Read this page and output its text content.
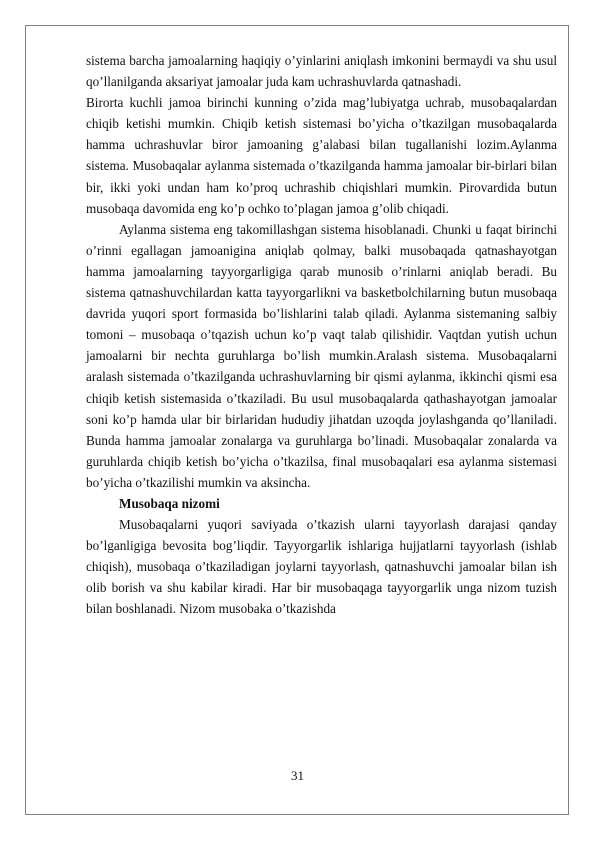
sistema barcha jamoalarning haqiqiy o’yinlarini aniqlash imkonini bermaydi va shu usul qo’llanilganda aksariyat jamoalar juda kam uchrashuvlarda qatnashadi.

Birorta kuchli jamoa birinchi kunning o’zida mag’lubiyatga uchrab, musobaqalardan chiqib ketishi mumkin. Chiqib ketish sistemasi bo’yicha o’tkazilgan musobaqalarda hamma uchrashuvlar biror jamoaning g’alabasi bilan tugallanishi lozim.Aylanma sistema. Musobaqalar aylanma sistemada o’tkazilganda hamma jamoalar bir-birlari bilan bir, ikki yoki undan ham ko’proq uchrashib chiqishlari mumkin. Pirovardida butun musobaqa davomida eng ko’p ochko to’plagan jamoa g’olib chiqadi.

Aylanma sistema eng takomillashgan sistema hisoblanadi. Chunki u faqat birinchi o’rinni egallagan jamoanigina aniqlab qolmay, balki musobaqada qatnashayotgan hamma jamoalarning tayyorgarligiga qarab munosib o’rinlarni aniqlab beradi. Bu sistema qatnashuvchilardan katta tayyorgarlikni va basketbolchilarning butun musobaqa davrida yuqori sport formasida bo’lishlarini talab qiladi. Aylanma sistemaning salbiy tomoni – musobaqa o’tqazish uchun ko’p vaqt talab qilishidir. Vaqtdan yutish uchun jamoalarni bir nechta guruhlarga bo’lish mumkin.Aralash sistema. Musobaqalarni aralash sistemada o’tkazilganda uchrashuvlarning bir qismi aylanma, ikkinchi qismi esa chiqib ketish sistemasida o’tkaziladi. Bu usul musobaqalarda qathashayotgan jamoalar soni ko’p hamda ular bir birlaridan hududiy jihatdan uzoqda joylashganda qo’llaniladi. Bunda hamma jamoalar zonalarga va guruhlarga bo’linadi. Musobaqalar zonalarda va guruhlarda chiqib ketish bo’yicha o’tkazilsa, final musobaqalari esa aylanma sistemasi bo’yicha o’tkazilishi mumkin va aksincha.

Musobaqa nizomi

Musobaqalarni yuqori saviyada o’tkazish ularni tayyorlash darajasi qanday bo’lganligiga bevosita bog’liqdir. Tayyorgarlik ishlariga hujjatlarni tayyorlash (ishlab chiqish), musobaqa o’tkaziladigan joylarni tayyorlash, qatnashuvchi jamoalar bilan ish olib borish va shu kabilar kiradi. Har bir musobaqaga tayyorgarlik unga nizom tuzish bilan boshlanadi. Nizom musobaka o’tkazishda

31
